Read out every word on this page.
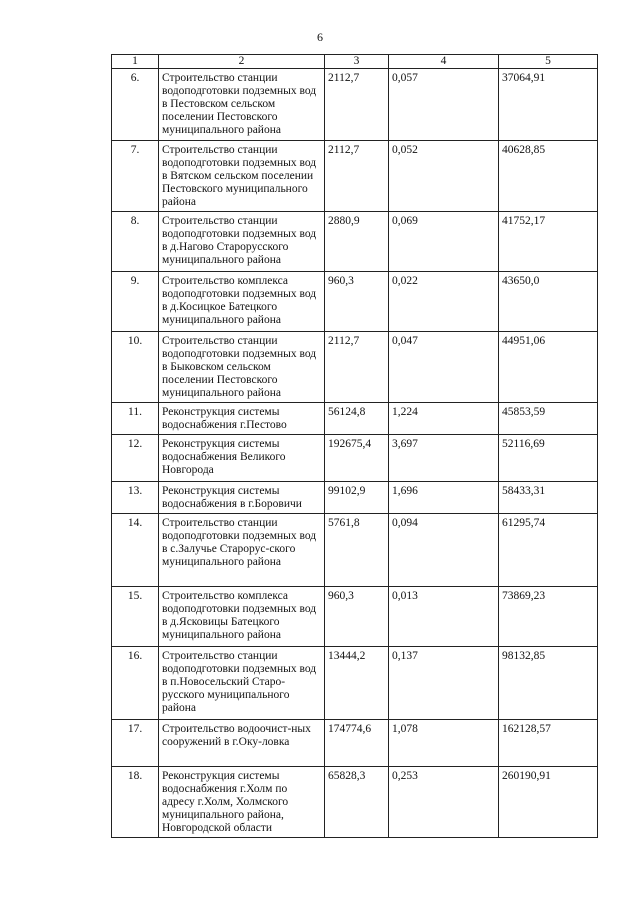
6
1	2	3	4	5
6.	Строительство станции водоподготовки подземных вод в Пестовском сельском поселении Пестовского муниципального района	2112,7	0,057	37064,91
7.	Строительство станции водоподготовки подземных вод в Вятском сельском поселении Пестовского муниципального района	2112,7	0,052	40628,85
8.	Строительство станции водоподготовки подземных вод в д.Нагово Старорусского муниципального района	2880,9	0,069	41752,17
9.	Строительство комплекса водоподготовки подземных вод в д.Косицкое Батецкого муниципального района	960,3	0,022	43650,0
10.	Строительство станции водоподготовки подземных вод в Быковском сельском поселении Пестовского муниципального района	2112,7	0,047	44951,06
11.	Реконструкция системы водоснабжения г.Пестово	56124,8	1,224	45853,59
12.	Реконструкция системы водоснабжения Великого Новгорода	192675,4	3,697	52116,69
13.	Реконструкция системы водоснабжения в г.Боровичи	99102,9	1,696	58433,31
14.	Строительство станции водоподготовки подземных вод в с.Залучье Старорус-ского муниципального района	5761,8	0,094	61295,74
15.	Строительство комплекса водоподготовки подземных вод в д.Ясковицы Батецкого муниципального района	960,3	0,013	73869,23
16.	Строительство станции водоподготовки подземных вод в п.Новосельский Старо-русского муниципального района	13444,2	0,137	98132,85
17.	Строительство водоочист-ных сооружений в г.Оку-ловка	174774,6	1,078	162128,57
18.	Реконструкция системы водоснабжения г.Холм по адресу г.Холм, Холмского муниципального района, Новгородской области	65828,3	0,253	260190,91
